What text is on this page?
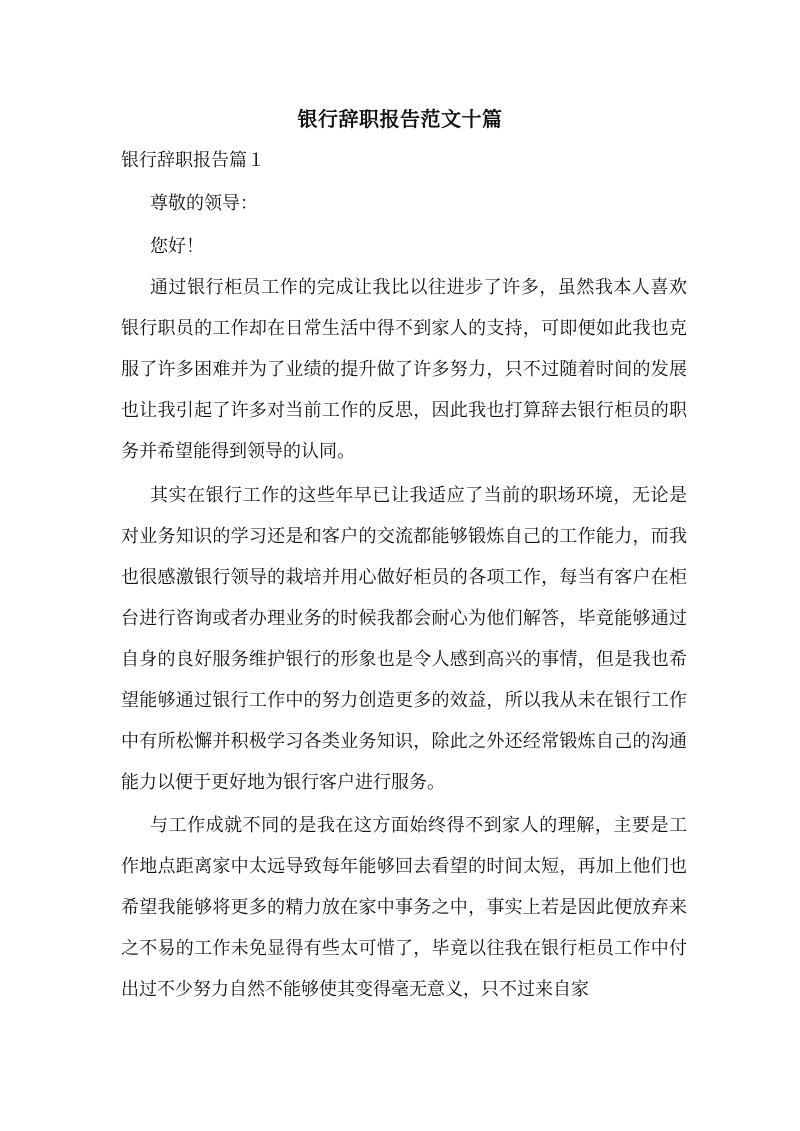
银行辞职报告范文十篇
银行辞职报告篇１
尊敬的领导：
您好！

通过银行柜员工作的完成让我比以往进步了许多，虽然我本人喜欢银行职员的工作却在日常生活中得不到家人的支持，可即便如此我也克服了许多困难并为了业绩的提升做了许多努力，只不过随着时间的发展也让我引起了许多对当前工作的反思，因此我也打算辞去银行柜员的职务并希望能得到领导的认同。

其实在银行工作的这些年早已让我适应了当前的职场环境，无论是对业务知识的学习还是和客户的交流都能够锻炼自己的工作能力，而我也很感激银行领导的栽培并用心做好柜员的各项工作，每当有客户在柜台进行咨询或者办理业务的时候我都会耐心为他们解答，毕竟能够通过自身的良好服务维护银行的形象也是令人感到高兴的事情，但是我也希望能够通过银行工作中的努力创造更多的效益，所以我从未在银行工作中有所松懈并积极学习各类业务知识，除此之外还经常锻炼自己的沟通能力以便于更好地为银行客户进行服务。

与工作成就不同的是我在这方面始终得不到家人的理解，主要是工作地点距离家中太远导致每年能够回去看望的时间太短，再加上他们也希望我能够将更多的精力放在家中事务之中，事实上若是因此便放弃来之不易的工作未免显得有些太可惜了，毕竟以往我在银行柜员工作中付出过不少努力自然不能够使其变得毫无意义，只不过来自家
